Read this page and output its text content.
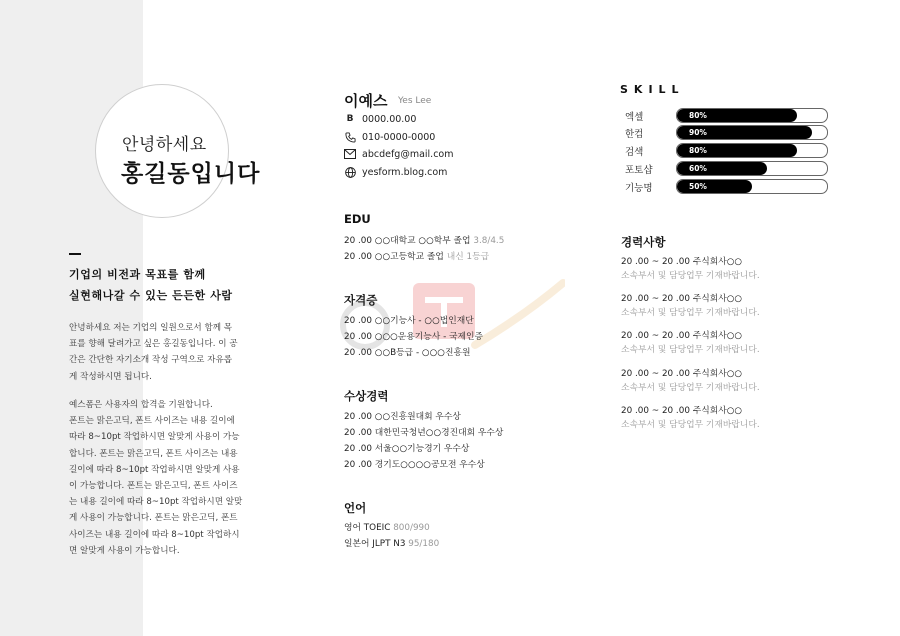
안녕하세요
홍길동입니다
기업의 비전과 목표를 함께
실현해나갈 수 있는 든든한 사람
안녕하세요 저는 기업의 일원으로서 함께 목
표를 향해 달려가고 싶은 홍길동입니다. 이 공
간은 간단한 자기소개 작성 구역으로 자유롭
게 작성하시면 됩니다.
예스폼은 사용자의 합격을 기원합니다.
폰트는 맑은고딕, 폰트 사이즈는 내용 길이에
따라 8~10pt 작업하시면 알맞게 사용이 가능
합니다. 폰트는 맑은고딕, 폰트 사이즈는 내용
길이에 따라 8~10pt 작업하시면 알맞게 사용
이 가능합니다. 폰트는 맑은고딕, 폰트 사이즈
는 내용 길이에 따라 8~10pt 작업하시면 알맞
게 사용이 가능합니다. 폰트는 맑은고딕, 폰트
사이즈는 내용 길이에 따라 8~10pt 작업하시
면 알맞게 사용이 가능합니다.
이예스 Yes Lee
B 0000.00.00
010-0000-0000
abcdefg@mail.com
yesform.blog.com
EDU
20 .00 ○○대학교 ○○학부 졸업 3.8/4.5
20 .00 ○○고등학교 졸업 내신 1등급
자격증
20 .00 ○○기능사 - ○○법인재단
20 .00 ○○○운용기능사 - 국제인증
20 .00 ○○B등급 - ○○○진흥원
수상경력
20 .00 ○○진흥원대회 우수상
20 .00 대한민국청년○○경진대회 우수상
20 .00 서울○○기능경기 우수상
20 .00 경기도○○○○공모전 우수상
언어
영어 TOEIC 800/990
일본어 JLPT N3 95/180
SKILL
엑셀	80%
한컴	90%
검색	80%
포토샵	60%
기능명	50%
경력사항
20 .00 ~ 20 .00 주식회사○○
소속부서 및 담당업무 기재바랍니다.
20 .00 ~ 20 .00 주식회사○○
소속부서 및 담당업무 기재바랍니다.
20 .00 ~ 20 .00 주식회사○○
소속부서 및 담당업무 기재바랍니다.
20 .00 ~ 20 .00 주식회사○○
소속부서 및 담당업무 기재바랍니다.
20 .00 ~ 20 .00 주식회사○○
소속부서 및 담당업무 기재바랍니다.
